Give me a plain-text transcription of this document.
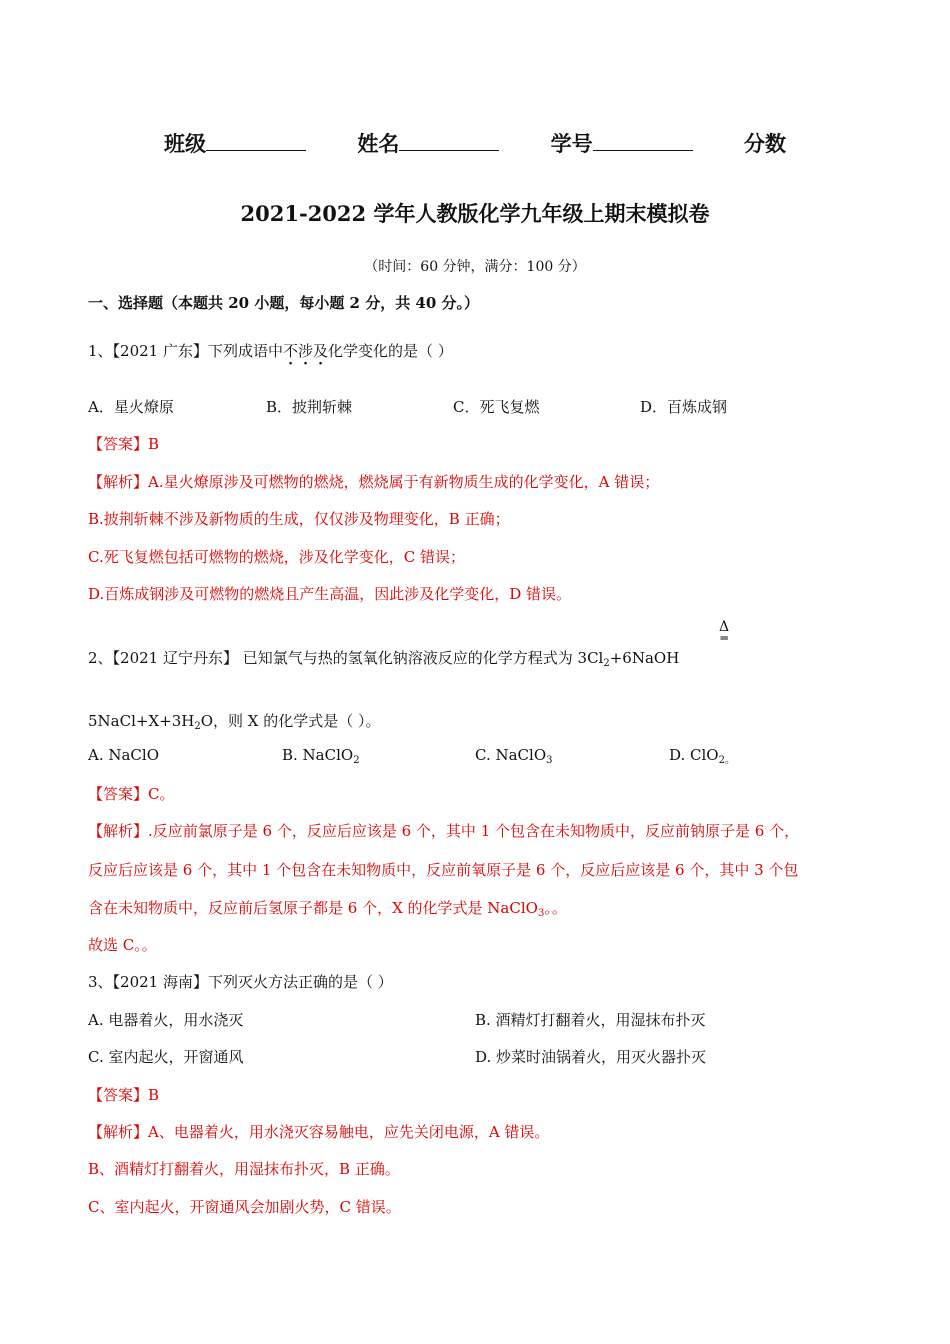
班级	姓名	学号	分数
2021-2022 学年人教版化学九年级上期末模拟卷
（时间：60 分钟，满分：100 分）
一、选择题（本题共 20 小题，每小题 2 分，共 40 分。）
1、【2021 广东】下列成语中不涉及化学变化的是（ ）
A．星火燎原	B．披荆斩棘	C．死飞复燃	D．百炼成钢
【答案】B
【解析】A.星火燎原涉及可燃物的燃烧，燃烧属于有新物质生成的化学变化，A 错误；
B.披荆斩棘不涉及新物质的生成，仅仅涉及物理变化，B 正确；
C.死飞复燃包括可燃物的燃烧，涉及化学变化，C 错误；
D.百炼成钢涉及可燃物的燃烧且产生高温，因此涉及化学变化，D 错误。
Δ
═
2、【2021 辽宁丹东】 已知氯气与热的氢氧化钠溶液反应的化学方程式为 $3Cl_2+6NaOH$
$5NaCl+X+3H_2O$，则 X 的化学式是（ ）。
A. NaClO	B. NaClO$_2$	C. NaClO$_3$	D. ClO$_{2。}$
【答案】C。
【解析】.反应前氯原子是 6 个，反应后应该是 6 个，其中 1 个包含在未知物质中，反应前钠原子是 6 个，
反应后应该是 6 个，其中 1 个包含在未知物质中，反应前氧原子是 6 个，反应后应该是 6 个，其中 3 个包
含在未知物质中，反应前后氢原子都是 6 个，X 的化学式是 NaClO$_3$。。
故选 C。。
3、【2021 海南】下列灭火方法正确的是（ ）
A. 电器着火，用水浇灭	B. 酒精灯打翻着火，用湿抹布扑灭
C. 室内起火，开窗通风	D. 炒菜时油锅着火，用灭火器扑灭
【答案】B
【解析】A、电器着火，用水浇灭容易触电，应先关闭电源，A 错误。
B、酒精灯打翻着火，用湿抹布扑灭，B 正确。
C、室内起火，开窗通风会加剧火势，C 错误。
